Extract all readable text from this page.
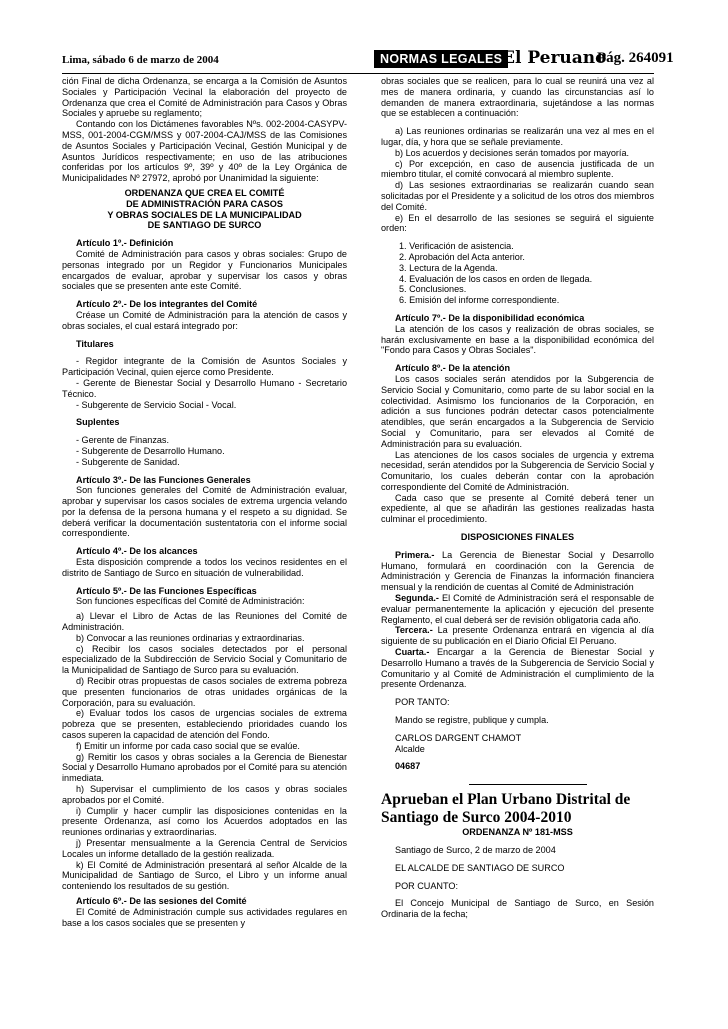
Lima, sábado 6 de marzo de 2004	NORMAS LEGALES El Peruano
Pág. 264091

ción Final de dicha Ordenanza, se encarga a la Comisión de Asuntos Sociales y Participación Vecinal la elaboración del proyecto de Ordenanza que crea el Comité de Administración para Casos y Obras Sociales y apruebe su reglamento;

Contando con los Dictámenes favorables Nºs. 002-2004-CASYPV-MSS, 001-2004-CGM/MSS y 007-2004-CAJ/MSS de las Comisiones de Asuntos Sociales y Participación Vecinal, Gestión Municipal y de Asuntos Jurídicos respectivamente; en uso de las atribuciones conferidas por los artículos 9º, 39º y 40º de la Ley Orgánica de Municipalidades Nº 27972, aprobó por Unanimidad la siguiente:

ORDENANZA QUE CREA EL COMITÉ

DE ADMINISTRACIÓN PARA CASOS

Y OBRAS SOCIALES DE LA MUNICIPALIDAD

DE SANTIAGO DE SURCO

Artículo 1º.- Definición

Comité de Administración para casos y obras sociales: Grupo de personas integrado por un Regidor y Funcionarios Municipales encargados de evaluar, aprobar y supervisar los casos y obras sociales que se presenten ante este Comité.

Artículo 2º.- De los integrantes del Comité

Créase un Comité de Administración para la atención de casos y obras sociales, el cual estará integrado por:

Titulares

- Regidor integrante de la Comisión de Asuntos Sociales y Participación Vecinal, quien ejerce como Presidente.

- Gerente de Bienestar Social y Desarrollo Humano - Secretario Técnico.

- Subgerente de Servicio Social - Vocal.

Suplentes

- Gerente de Finanzas.

- Subgerente de Desarrollo Humano.

- Subgerente de Sanidad.

Artículo 3º.- De las Funciones Generales

Son funciones generales del Comité de Administración evaluar, aprobar y supervisar los casos sociales de extrema urgencia velando por la defensa de la persona humana y el respeto a su dignidad. Se deberá verificar la documentación sustentatoria con el informe social correspondiente.

Artículo 4º.- De los alcances

Esta disposición comprende a todos los vecinos residentes en el distrito de Santiago de Surco en situación de vulnerabilidad.

Artículo 5º.- De las Funciones Específicas

Son funciones específicas del Comité de Administración:

a) Llevar el Libro de Actas de las Reuniones del Comité de Administración.

b) Convocar a las reuniones ordinarias y extraordinarias.

c) Recibir los casos sociales detectados por el personal especializado de la Subdirección de Servicio Social y Comunitario de la Municipalidad de Santiago de Surco para su evaluación.

d) Recibir otras propuestas de casos sociales de extrema pobreza que presenten funcionarios de otras unidades orgánicas de la Corporación, para su evaluación.

e) Evaluar todos los casos de urgencias sociales de extrema pobreza que se presenten, estableciendo prioridades cuando los casos superen la capacidad de atención del Fondo.

f) Emitir un informe por cada caso social que se evalúe.

g) Remitir los casos y obras sociales a la Gerencia de Bienestar Social y Desarrollo Humano aprobados por el Comité para su atención inmediata.

h) Supervisar el cumplimiento de los casos y obras sociales aprobados por el Comité.

i) Cumplir y hacer cumplir las disposiciones contenidas en la presente Ordenanza, así como los Acuerdos adoptados en las reuniones ordinarias y extraordinarias.

j) Presentar mensualmente a la Gerencia Central de Servicios Locales un informe detallado de la gestión realizada.

k) El Comité de Administración presentará al señor Alcalde de la Municipalidad de Santiago de Surco, el Libro y un informe anual conteniendo los resultados de su gestión.

Artículo 6º.- De las sesiones del Comité

El Comité de Administración cumple sus actividades regulares en base a los casos sociales que se presenten y

obras sociales que se realicen, para lo cual se reunirá una vez al mes de manera ordinaria, y cuando las circunstancias así lo demanden de manera extraordinaria, sujetándose a las normas que se establecen a continuación:

a) Las reuniones ordinarias se realizarán una vez al mes en el lugar, día, y hora que se señale previamente.

b) Los acuerdos y decisiones serán tomados por mayoría.

c) Por excepción, en caso de ausencia justificada de un miembro titular, el comité convocará al miembro suplente.

d) Las sesiones extraordinarias se realizarán cuando sean solicitadas por el Presidente y a solicitud de los otros dos miembros del Comité.

e) En el desarrollo de las sesiones se seguirá el siguiente orden:

1. Verificación de asistencia.

2. Aprobación del Acta anterior.

3. Lectura de la Agenda.

4. Evaluación de los casos en orden de llegada.

5. Conclusiones.

6. Emisión del informe correspondiente.

Artículo 7º.- De la disponibilidad económica

La atención de los casos y realización de obras sociales, se harán exclusivamente en base a la disponibilidad económica del "Fondo para Casos y Obras Sociales".

Artículo 8º.- De la atención

Los casos sociales serán atendidos por la Subgerencia de Servicio Social y Comunitario, como parte de su labor social en la colectividad. Asimismo los funcionarios de la Corporación, en adición a sus funciones podrán detectar casos potencialmente atendibles, que serán encargados a la Subgerencia de Servicio Social y Comunitario, para ser elevados al Comité de Administración para su evaluación.

Las atenciones de los casos sociales de urgencia y extrema necesidad, serán atendidos por la Subgerencia de Servicio Social y Comunitario, los cuales deberán contar con la aprobación correspondiente del Comité de Administración.

Cada caso que se presente al Comité deberá tener un expediente, al que se añadirán las gestiones realizadas hasta culminar el procedimiento.

DISPOSICIONES FINALES

Primera.- La Gerencia de Bienestar Social y Desarrollo Humano, formulará en coordinación con la Gerencia de Administración y Gerencia de Finanzas la información financiera mensual y la rendición de cuentas al Comité de Administración

Segunda.- El Comité de Administración será el responsable de evaluar permanentemente la aplicación y ejecución del presente Reglamento, el cual deberá ser de revisión obligatoria cada año.

Tercera.- La presente Ordenanza entrará en vigencia al día siguiente de su publicación en el Diario Oficial El Peruano.

Cuarta.- Encargar a la Gerencia de Bienestar Social y Desarrollo Humano a través de la Subgerencia de Servicio Social y Comunitario y al Comité de Administración el cumplimiento de la presente Ordenanza.

POR TANTO:

Mando se registre, publique y cumpla.

CARLOS DARGENT CHAMOT

Alcalde

04687

Aprueban el Plan Urbano Distrital de Santiago de Surco 2004-2010

ORDENANZA Nº 181-MSS

Santiago de Surco, 2 de marzo de 2004

EL ALCALDE DE SANTIAGO DE SURCO

POR CUANTO:

El Concejo Municipal de Santiago de Surco, en Sesión Ordinaria de la fecha;
